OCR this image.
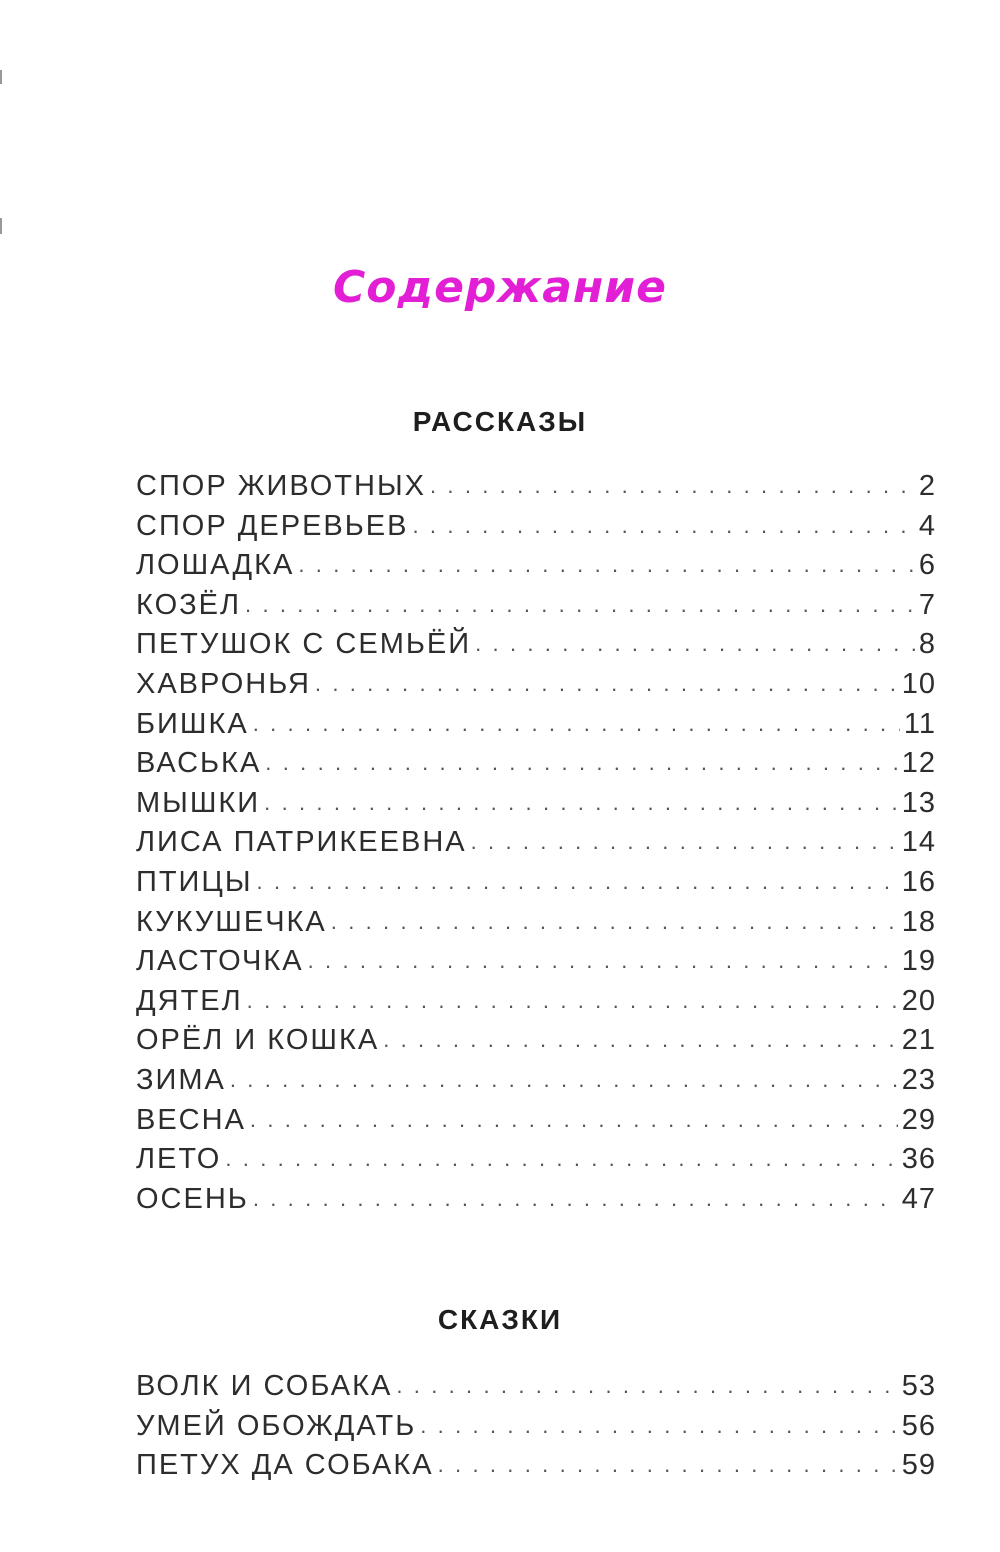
Содержание
РАССКАЗЫ
СПОР ЖИВОТНЫХ . . .	2
СПОР ДЕРЕВЬЕВ . . .	4
ЛОШАДКА . . .	6
КОЗЁЛ . . .	7
ПЕТУШОК С СЕМЬЁЙ . . .	8
ХАВРОНЬЯ . . .	10
БИШКА . . .	11
ВАСЬКА . . .	12
МЫШКИ . . .	13
ЛИСА ПАТРИКЕЕВНА . . .	14
ПТИЦЫ . . .	16
КУКУШЕЧКА . . .	18
ЛАСТОЧКА . . .	19
ДЯТЕЛ . . .	20
ОРЁЛ И КОШКА . . .	21
ЗИМА . . .	23
ВЕСНА . . .	29
ЛЕТО . . .	36
ОСЕНЬ . . .	47
СКАЗКИ
ВОЛК И СОБАКА . . .	53
УМЕЙ ОБОЖДАТЬ . . .	56
ПЕТУХ ДА СОБАКА . . .	59
